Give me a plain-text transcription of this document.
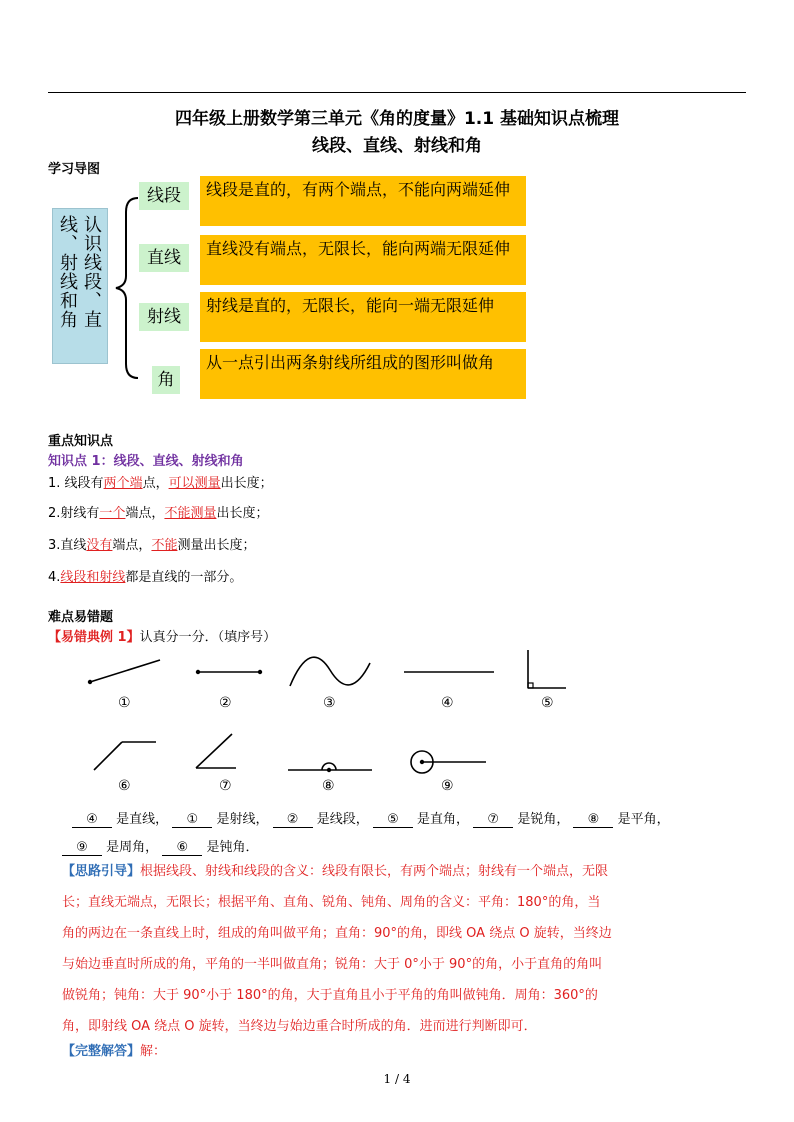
四年级上册数学第三单元《角的度量》1.1 基础知识点梳理
线段、直线、射线和角
学习导图
认识线段、直线、射线和角
线段
直线
射线
角
线段是直的，有两个端点，不能向两端延伸
直线没有端点，无限长，能向两端无限延伸
射线是直的，无限长，能向一端无限延伸
从一点引出两条射线所组成的图形叫做角
重点知识点
知识点 1：线段、直线、射线和角
1. 线段有两个端点，可以测量出长度；
2.射线有一个端点，不能测量出长度；
3.直线没有端点，不能测量出长度；
4.线段和射线都是直线的一部分。
难点易错题
【易错典例 1】认真分一分．（填序号）
①	②	③	④	⑤
⑥	⑦	⑧	⑨
④ 是直线， ① 是射线， ② 是线段， ⑤ 是直角， ⑦ 是锐角， ⑧ 是平角，
⑨ 是周角， ⑥ 是钝角．
【思路引导】根据线段、射线和线段的含义：线段有限长，有两个端点；射线有一个端点，无限
长；直线无端点，无限长；根据平角、直角、锐角、钝角、周角的含义：平角：180°的角，当
角的两边在一条直线上时，组成的角叫做平角；直角：90°的角，即线 OA 绕点 O 旋转，当终边
与始边垂直时所成的角，平角的一半叫做直角；锐角：大于 0°小于 90°的角，小于直角的角叫
做锐角；钝角：大于 90°小于 180°的角，大于直角且小于平角的角叫做钝角．周角：360°的
角，即射线 OA 绕点 O 旋转，当终边与始边重合时所成的角．进而进行判断即可．
【完整解答】解：
1 / 4
